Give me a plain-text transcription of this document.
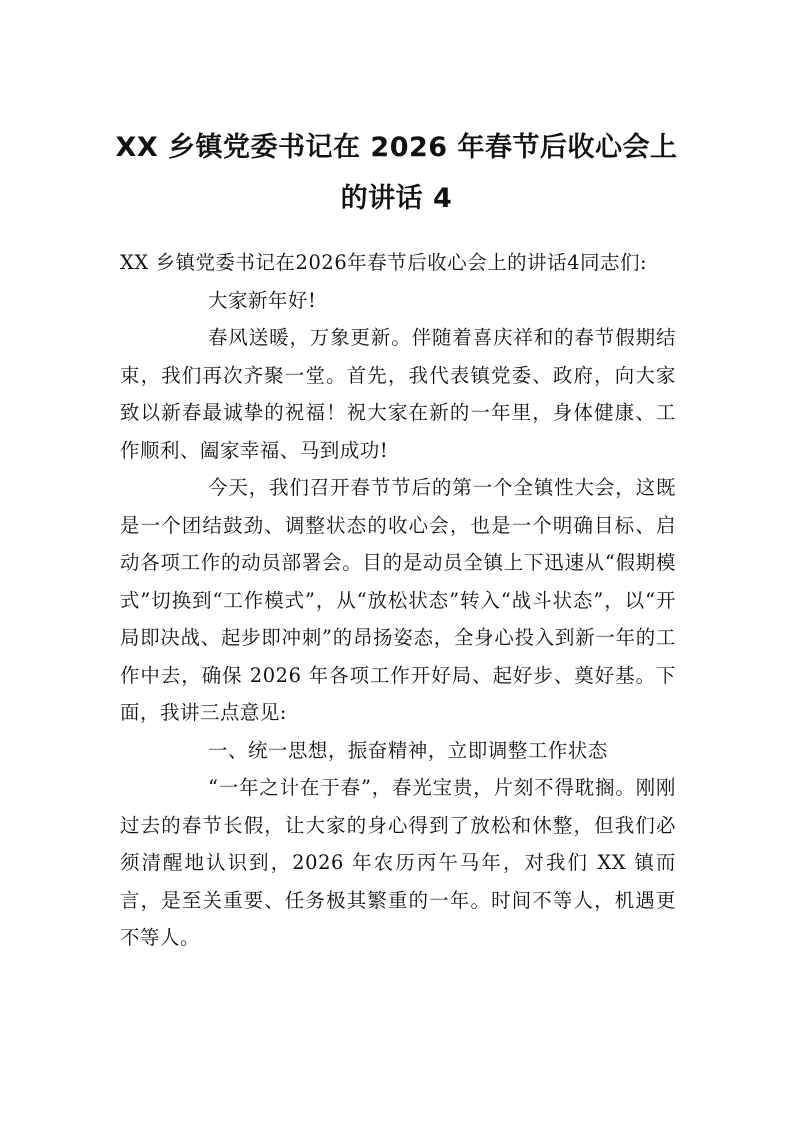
XX 乡镇党委书记在 2026 年春节后收心会上
的讲话 4

XX 乡镇党委书记在2026年春节后收心会上的讲话4同志们:

大家新年好!

春风送暖，万象更新。伴随着喜庆祥和的春节假期结束，我们再次齐聚一堂。首先，我代表镇党委、政府，向大家致以新春最诚挚的祝福！祝大家在新的一年里，身体健康、工作顺利、阖家幸福、马到成功!

今天，我们召开春节节后的第一个全镇性大会，这既是一个团结鼓劲、调整状态的收心会，也是一个明确目标、启动各项工作的动员部署会。目的是动员全镇上下迅速从“假期模式”切换到“工作模式”，从“放松状态”转入“战斗状态”，以“开局即决战、起步即冲刺”的昂扬姿态，全身心投入到新一年的工作中去，确保 2026 年各项工作开好局、起好步、奠好基。下面，我讲三点意见:

一、统一思想，振奋精神，立即调整工作状态

“一年之计在于春”，春光宝贵，片刻不得耽搁。刚刚过去的春节长假，让大家的身心得到了放松和休整，但我们必须清醒地认识到，2026 年农历丙午马年，对我们 XX 镇而言，是至关重要、任务极其繁重的一年。时间不等人，机遇更不等人。
